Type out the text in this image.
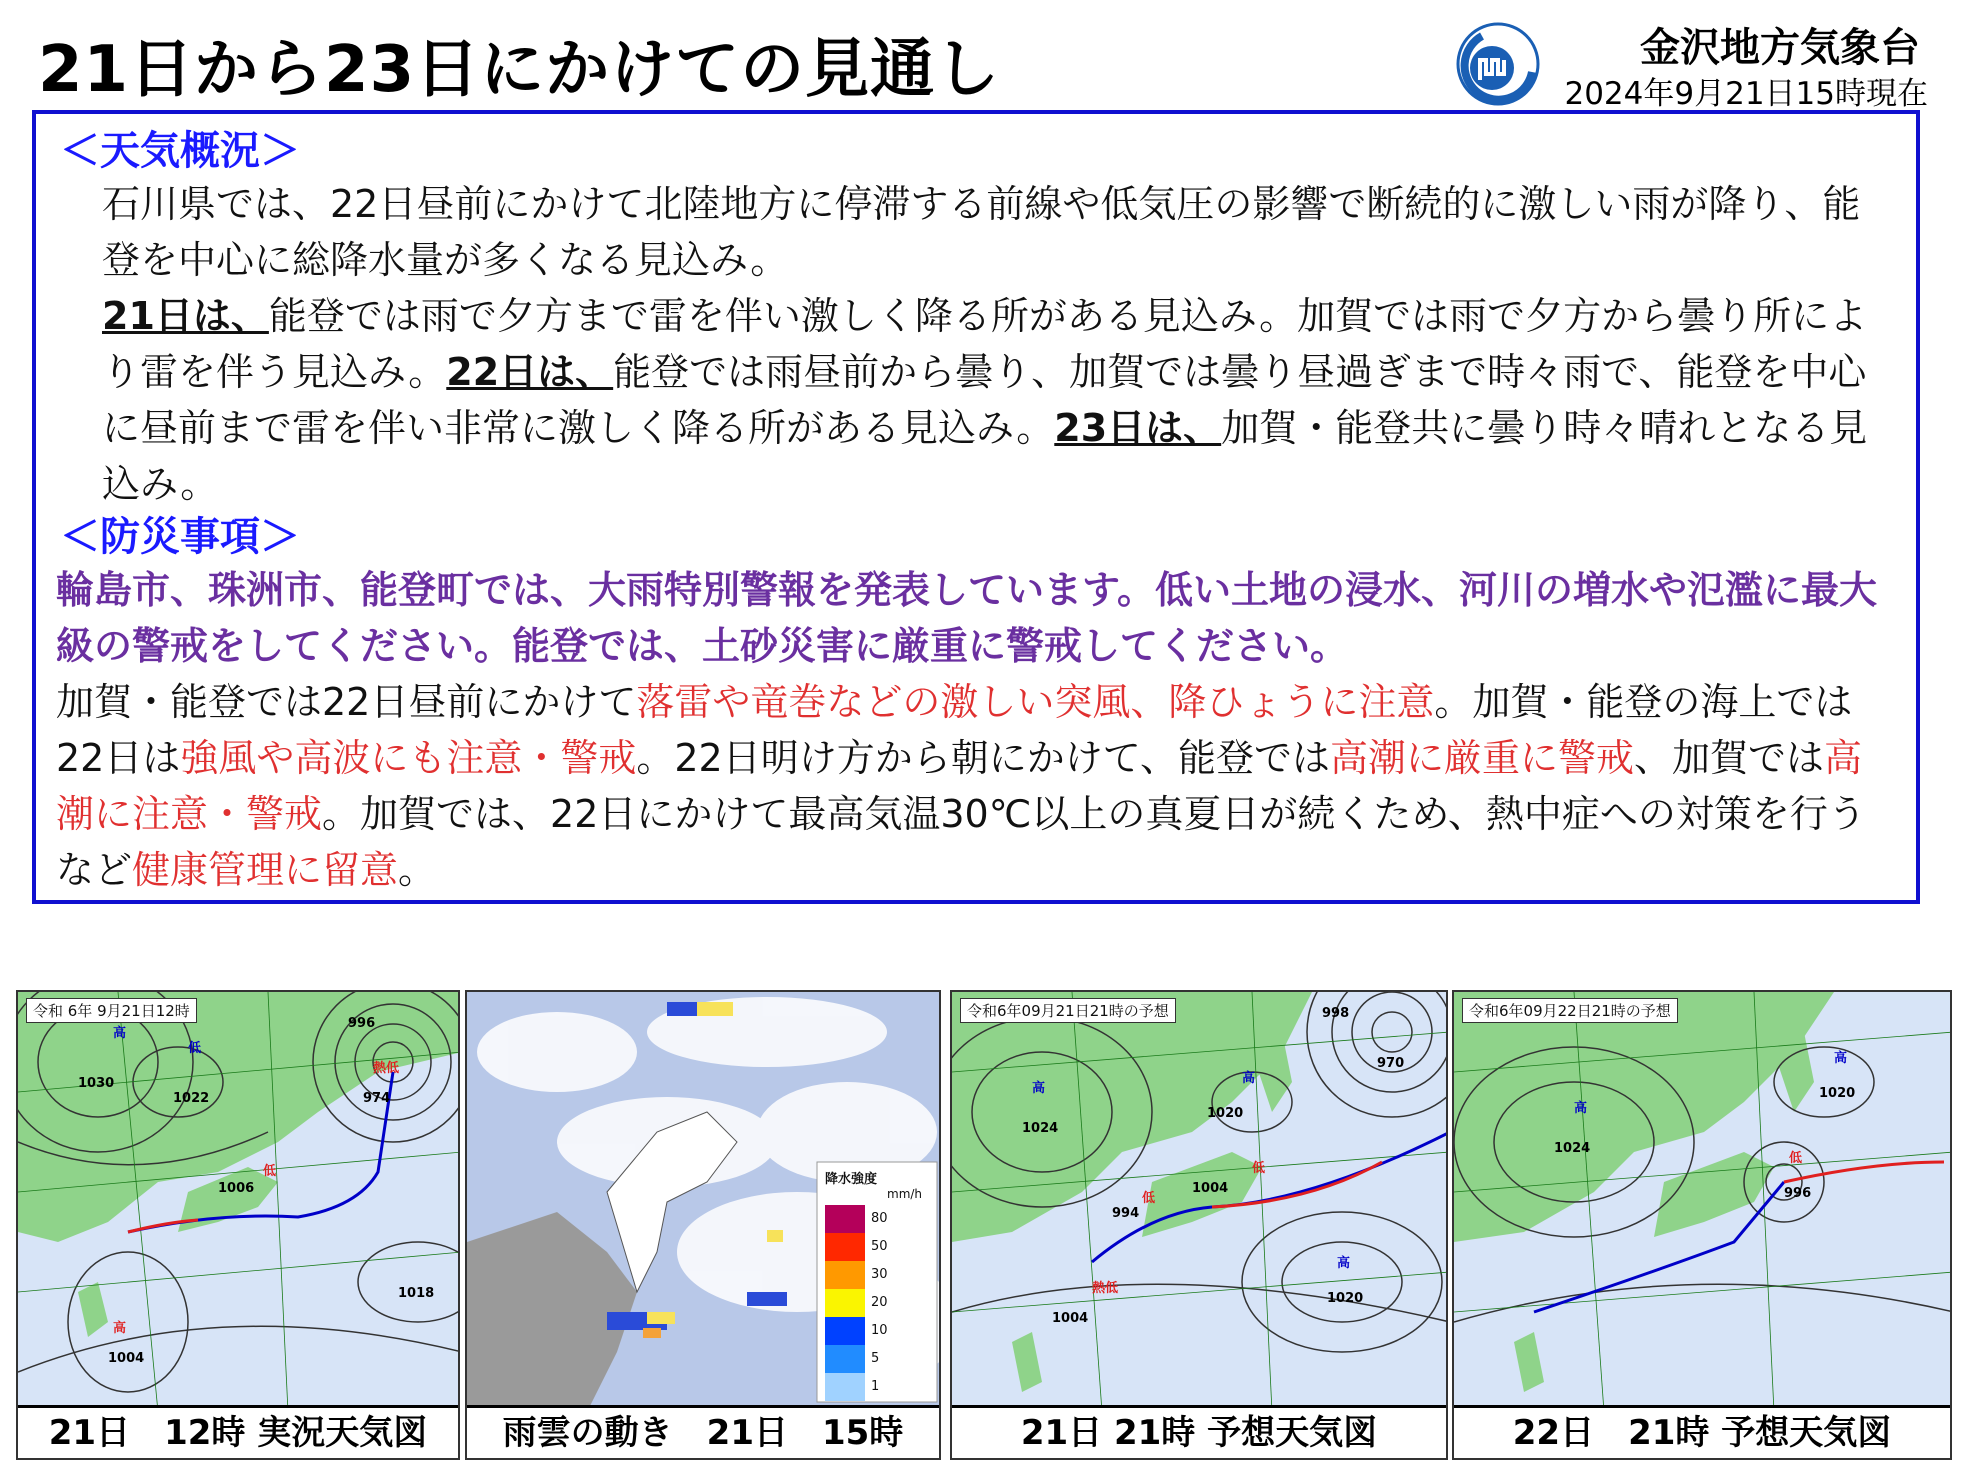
21日から23日にかけての見通し	金沢地方気象台
2024年9月21日15時現在
＜天気概況＞

石川県では、22日昼前にかけて北陸地方に停滞する前線や低気圧の影響で断続的に激しい雨が降り、能登を中心に総降水量が多くなる見込み。

21日は、能登では雨で夕方まで雷を伴い激しく降る所がある見込み。加賀では雨で夕方から曇り所により雷を伴う見込み。22日は、能登では雨昼前から曇り、加賀では曇り昼過ぎまで時々雨で、能登を中心に昼前まで雷を伴い非常に激しく降る所がある見込み。23日は、加賀・能登共に曇り時々晴れとなる見込み。

＜防災事項＞

輪島市、珠洲市、能登町では、大雨特別警報を発表しています。低い土地の浸水、河川の増水や氾濫に最大級の警戒をしてください。能登では、土砂災害に厳重に警戒してください。

加賀・能登では22日昼前にかけて落雷や竜巻などの激しい突風、降ひょうに注意。加賀・能登の海上では22日は強風や高波にも注意・警戒。22日明け方から朝にかけて、能登では高潮に厳重に警戒、加賀では高潮に注意・警戒。加賀では、22日にかけて最高気温30℃以上の真夏日が続くため、熱中症への対策を行うなど健康管理に留意。

高
1030
低
1022
低
1006
熱低
974
996
高
1004
1018
令和 6年 9月21日12時
21日　12時 実況天気図
降水強度
mm/h
80
50
30
20
10
5
1
雨雲の動き　21日　15時
高
1024
高
1020
低
1004
低
994
970
998
熱低
1004
高
1020
令和6年09月21日21時の予想
21日 21時 予想天気図
高
1024
高
1020
低
996
令和6年09月22日21時の予想
22日　21時 予想天気図
